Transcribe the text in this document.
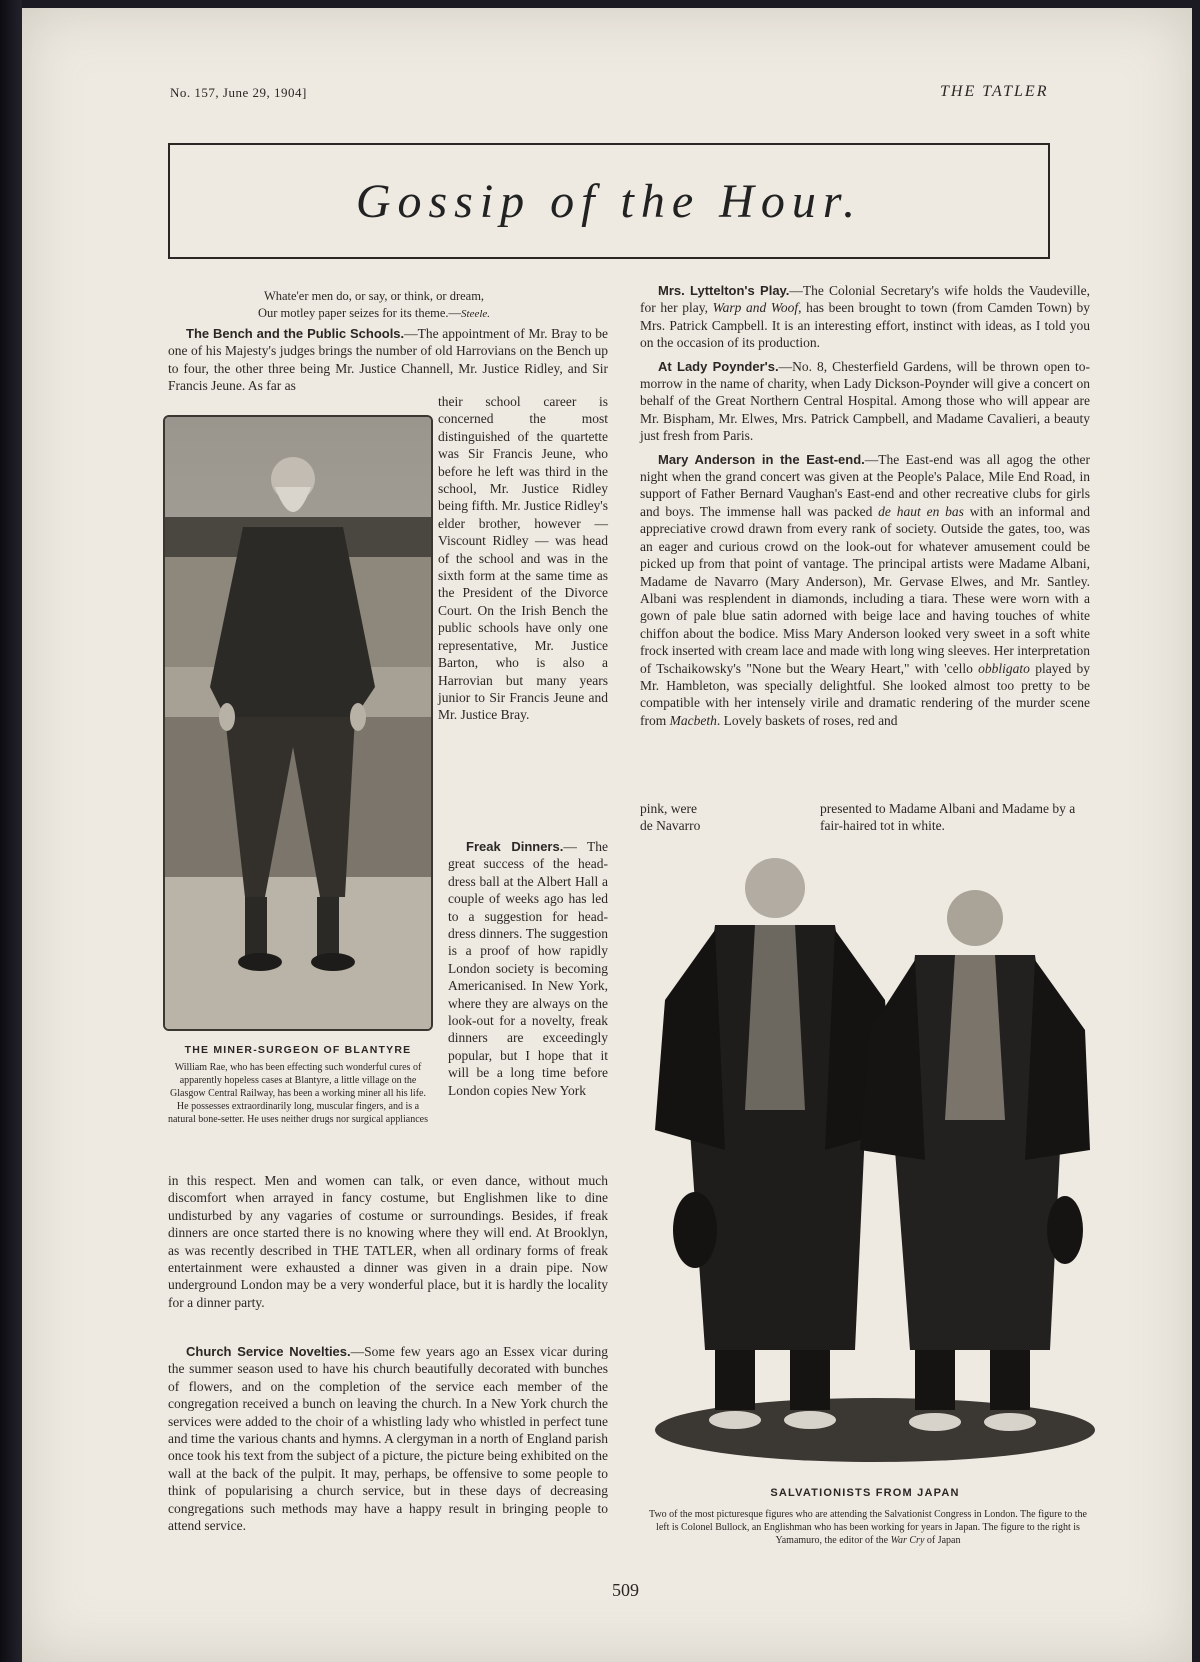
No. 157, June 29, 1904]	THE TATLER
Gossip of the Hour.
Whate'er men do, or say, or think, or dream,
Our motley paper seizes for its theme.—Steele.

The Bench and the Public Schools.—The appointment of Mr. Bray to be one of his Majesty's judges brings the number of old Harrovians on the Bench up to four, the other three being Mr. Justice Channell, Mr. Justice Ridley, and Sir Francis Jeune. As far as

THE MINER-SURGEON OF BLANTYRE
William Rae, who has been effecting such wonderful cures of apparently hopeless cases at Blantyre, a little village on the Glasgow Central Railway, has been a working miner all his life. He possesses extraordinarily long, muscular fingers, and is a natural bone-setter. He uses neither drugs nor surgical appliances

their school career is concerned the most distinguished of the quartette was Sir Francis Jeune, who before he left was third in the school, Mr. Justice Ridley being fifth. Mr. Justice Ridley's elder brother, however — Viscount Ridley — was head of the school and was in the sixth form at the same time as the President of the Divorce Court. On the Irish Bench the public schools have only one representative, Mr. Justice Barton, who is also a Harrovian but many years junior to Sir Francis Jeune and Mr. Justice Bray.

Freak Dinners.— The great success of the head-dress ball at the Albert Hall a couple of weeks ago has led to a suggestion for head-dress dinners. The suggestion is a proof of how rapidly London society is becoming Americanised. In New York, where they are always on the look-out for a novelty, freak dinners are exceedingly popular, but I hope that it will be a long time before London copies New York

in this respect. Men and women can talk, or even dance, without much discomfort when arrayed in fancy costume, but Englishmen like to dine undisturbed by any vagaries of costume or surroundings. Besides, if freak dinners are once started there is no knowing where they will end. At Brooklyn, as was recently described in THE TATLER, when all ordinary forms of freak entertainment were exhausted a dinner was given in a drain pipe. Now underground London may be a very wonderful place, but it is hardly the locality for a dinner party.

Church Service Novelties.—Some few years ago an Essex vicar during the summer season used to have his church beautifully decorated with bunches of flowers, and on the completion of the service each member of the congregation received a bunch on leaving the church. In a New York church the services were added to the choir of a whistling lady who whistled in perfect tune and time the various chants and hymns. A clergyman in a north of England parish once took his text from the subject of a picture, the picture being exhibited on the wall at the back of the pulpit. It may, perhaps, be offensive to some people to think of popularising a church service, but in these days of decreasing congregations such methods may have a happy result in bringing people to attend service.

Mrs. Lyttelton's Play.—The Colonial Secretary's wife holds the Vaudeville, for her play, Warp and Woof, has been brought to town (from Camden Town) by Mrs. Patrick Campbell. It is an interesting effort, instinct with ideas, as I told you on the occasion of its production.

At Lady Poynder's.—No. 8, Chesterfield Gardens, will be thrown open to-morrow in the name of charity, when Lady Dickson-Poynder will give a concert on behalf of the Great Northern Central Hospital. Among those who will appear are Mr. Bispham, Mr. Elwes, Mrs. Patrick Campbell, and Madame Cavalieri, a beauty just fresh from Paris.

Mary Anderson in the East-end.—The East-end was all agog the other night when the grand concert was given at the People's Palace, Mile End Road, in support of Father Bernard Vaughan's East-end and other recreative clubs for girls and boys. The immense hall was packed de haut en bas with an informal and appreciative crowd drawn from every rank of society. Outside the gates, too, was an eager and curious crowd on the look-out for whatever amusement could be picked up from that point of vantage. The principal artists were Madame Albani, Madame de Navarro (Mary Anderson), Mr. Gervase Elwes, and Mr. Santley. Albani was resplendent in diamonds, including a tiara. These were worn with a gown of pale blue satin adorned with beige lace and having touches of white chiffon about the bodice. Miss Mary Anderson looked very sweet in a soft white frock inserted with cream lace and made with long wing sleeves. Her interpretation of Tschaikowsky's "None but the Weary Heart," with 'cello obbligato played by Mr. Hambleton, was specially delightful. She looked almost too pretty to be compatible with her intensely virile and dramatic rendering of the murder scene from Macbeth. Lovely baskets of roses, red and

pink, were de Navarro
presented to Madame Albani and Madame by a fair-haired tot in white.
SALVATIONISTS FROM JAPAN
Two of the most picturesque figures who are attending the Salvationist Congress in London. The figure to the left is Colonel Bullock, an Englishman who has been working for years in Japan. The figure to the right is Yamamuro, the editor of the War Cry of Japan
509
